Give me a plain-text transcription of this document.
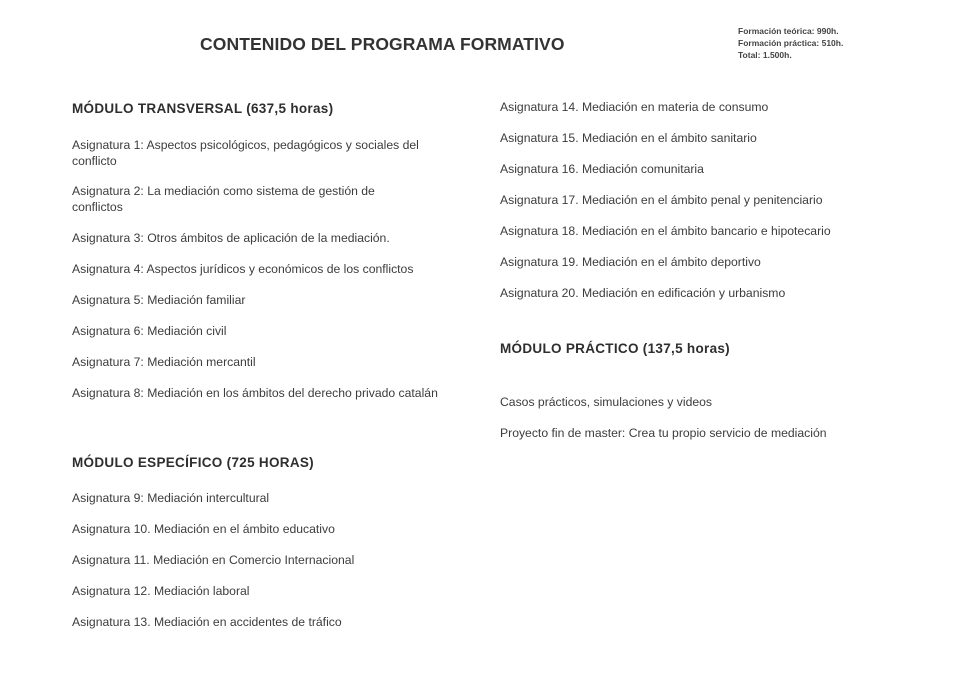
CONTENIDO DEL PROGRAMA FORMATIVO
Formación teórica: 990h.
Formación práctica: 510h.
Total: 1.500h.
MÓDULO TRANSVERSAL (637,5 horas)
Asignatura 1: Aspectos psicológicos, pedagógicos y sociales del conflicto
Asignatura 2: La mediación como sistema de gestión de conflictos
Asignatura 3: Otros ámbitos de aplicación de la mediación.
Asignatura 4: Aspectos jurídicos y económicos de los conflictos
Asignatura 5: Mediación familiar
Asignatura 6: Mediación civil
Asignatura 7: Mediación mercantil
Asignatura 8: Mediación en los ámbitos del derecho privado catalán
MÓDULO ESPECÍFICO (725 HORAS)
Asignatura 9: Mediación intercultural
Asignatura 10. Mediación en el ámbito educativo
Asignatura 11. Mediación en Comercio Internacional
Asignatura 12. Mediación laboral
Asignatura 13. Mediación en accidentes de tráfico
Asignatura 14. Mediación en materia de consumo
Asignatura 15. Mediación en el ámbito sanitario
Asignatura 16. Mediación comunitaria
Asignatura 17. Mediación en el ámbito penal y penitenciario
Asignatura 18. Mediación en el ámbito bancario e hipotecario
Asignatura 19. Mediación en el ámbito deportivo
Asignatura 20. Mediación en edificación y urbanismo
MÓDULO PRÁCTICO (137,5 horas)
Casos prácticos, simulaciones y videos
Proyecto fin de master: Crea tu propio servicio de mediación
